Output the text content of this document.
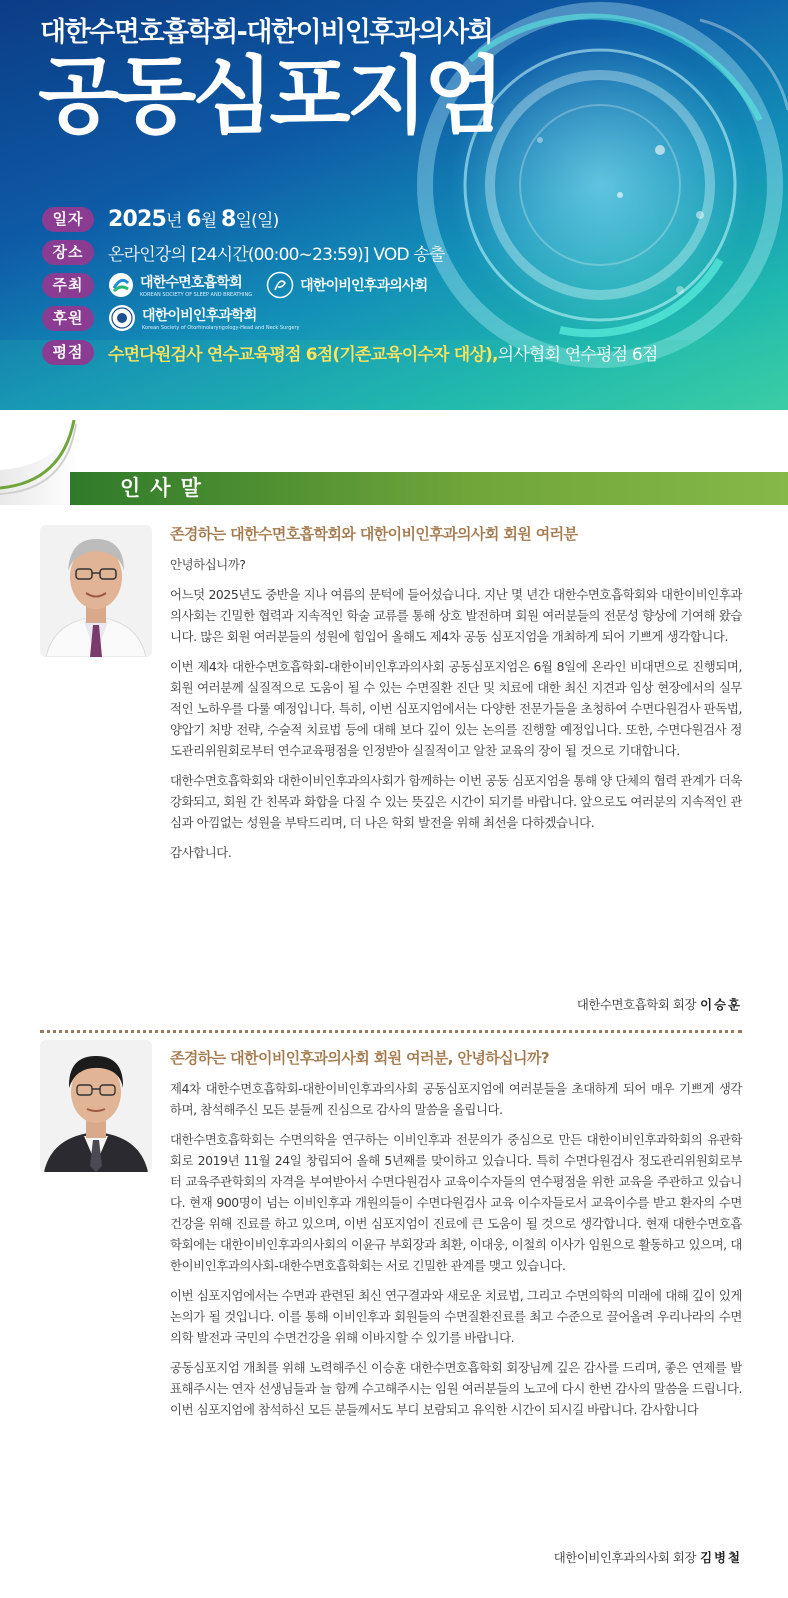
대한수면호흡학회-대한이비인후과의사회
공동심포지엄
일자	2025년 6월 8일(일)
장소	온라인강의 [24시간(00:00~23:59)] VOD 송출
주최	대한수면호흡학회
KOREAN SOCIETY OF SLEEP AND BREATHING
대한이비인후과의사회
후원	대한이비인후과학회
Korean Society of Otorhinolaryngology-Head and Neck Surgery
평점	수면다원검사 연수교육평점 6점(기존교육이수자 대상), 의사협회 연수평점 6점
인사말
존경하는 대한수면호흡학회와 대한이비인후과의사회 회원 여러분

안녕하십니까?

어느덧 2025년도 중반을 지나 여름의 문턱에 들어섰습니다. 지난 몇 년간 대한수면호흡학회와 대한이비인후과의사회는 긴밀한 협력과 지속적인 학술 교류를 통해 상호 발전하며 회원 여러분들의 전문성 향상에 기여해 왔습니다. 많은 회원 여러분들의 성원에 힘입어 올해도 제4차 공동 심포지엄을 개최하게 되어 기쁘게 생각합니다.

이번 제4차 대한수면호흡학회-대한이비인후과의사회 공동심포지엄은 6월 8일에 온라인 비대면으로 진행되며, 회원 여러분께 실질적으로 도움이 될 수 있는 수면질환 진단 및 치료에 대한 최신 지견과 임상 현장에서의 실무적인 노하우를 다룰 예정입니다. 특히, 이번 심포지엄에서는 다양한 전문가들을 초청하여 수면다원검사 판독법, 양압기 처방 전략, 수술적 치료법 등에 대해 보다 깊이 있는 논의를 진행할 예정입니다. 또한, 수면다원검사 정도관리위원회로부터 연수교육평점을 인정받아 실질적이고 알찬 교육의 장이 될 것으로 기대합니다.

대한수면호흡학회와 대한이비인후과의사회가 함께하는 이번 공동 심포지엄을 통해 양 단체의 협력 관계가 더욱 강화되고, 회원 간 친목과 화합을 다질 수 있는 뜻깊은 시간이 되기를 바랍니다. 앞으로도 여러분의 지속적인 관심과 아낌없는 성원을 부탁드리며, 더 나은 학회 발전을 위해 최선을 다하겠습니다.

감사합니다.

대한수면호흡학회 회장 이승훈
존경하는 대한이비인후과의사회 회원 여러분, 안녕하십니까?

제4차 대한수면호흡학회-대한이비인후과의사회 공동심포지엄에 여러분들을 초대하게 되어 매우 기쁘게 생각하며, 참석해주신 모든 분들께 진심으로 감사의 말씀을 올립니다.

대한수면호흡학회는 수면의학을 연구하는 이비인후과 전문의가 중심으로 만든 대한이비인후과학회의 유관학회로 2019년 11월 24일 창립되어 올해 5년째를 맞이하고 있습니다. 특히 수면다원검사 정도관리위원회로부터 교육주관학회의 자격을 부여받아서 수면다원검사 교육이수자들의 연수평점을 위한 교육을 주관하고 있습니다. 현재 900명이 넘는 이비인후과 개원의들이 수면다원검사 교육 이수자들로서 교육이수를 받고 환자의 수면건강을 위해 진료를 하고 있으며, 이번 심포지엄이 진료에 큰 도움이 될 것으로 생각합니다. 현재 대한수면호흡학회에는 대한이비인후과의사회의 이윤규 부회장과 최환, 이대웅, 이철희 이사가 임원으로 활동하고 있으며, 대한이비인후과의사회-대한수면호흡학회는 서로 긴밀한 관계를 맺고 있습니다.

이번 심포지엄에서는 수면과 관련된 최신 연구결과와 새로운 치료법, 그리고 수면의학의 미래에 대해 깊이 있게 논의가 될 것입니다. 이를 통해 이비인후과 회원들의 수면질환진료를 최고 수준으로 끌어올려 우리나라의 수면의학 발전과 국민의 수면건강을 위해 이바지할 수 있기를 바랍니다.

공동심포지엄 개최를 위해 노력해주신 이승훈 대한수면호흡학회 회장님께 깊은 감사를 드리며, 좋은 연제를 발표해주시는 연자 선생님들과 늘 함께 수고해주시는 임원 여러분들의 노고에 다시 한번 감사의 말씀을 드립니다. 이번 심포지엄에 참석하신 모든 분들께서도 부디 보람되고 유익한 시간이 되시길 바랍니다. 감사합니다

대한이비인후과의사회 회장 김병철
